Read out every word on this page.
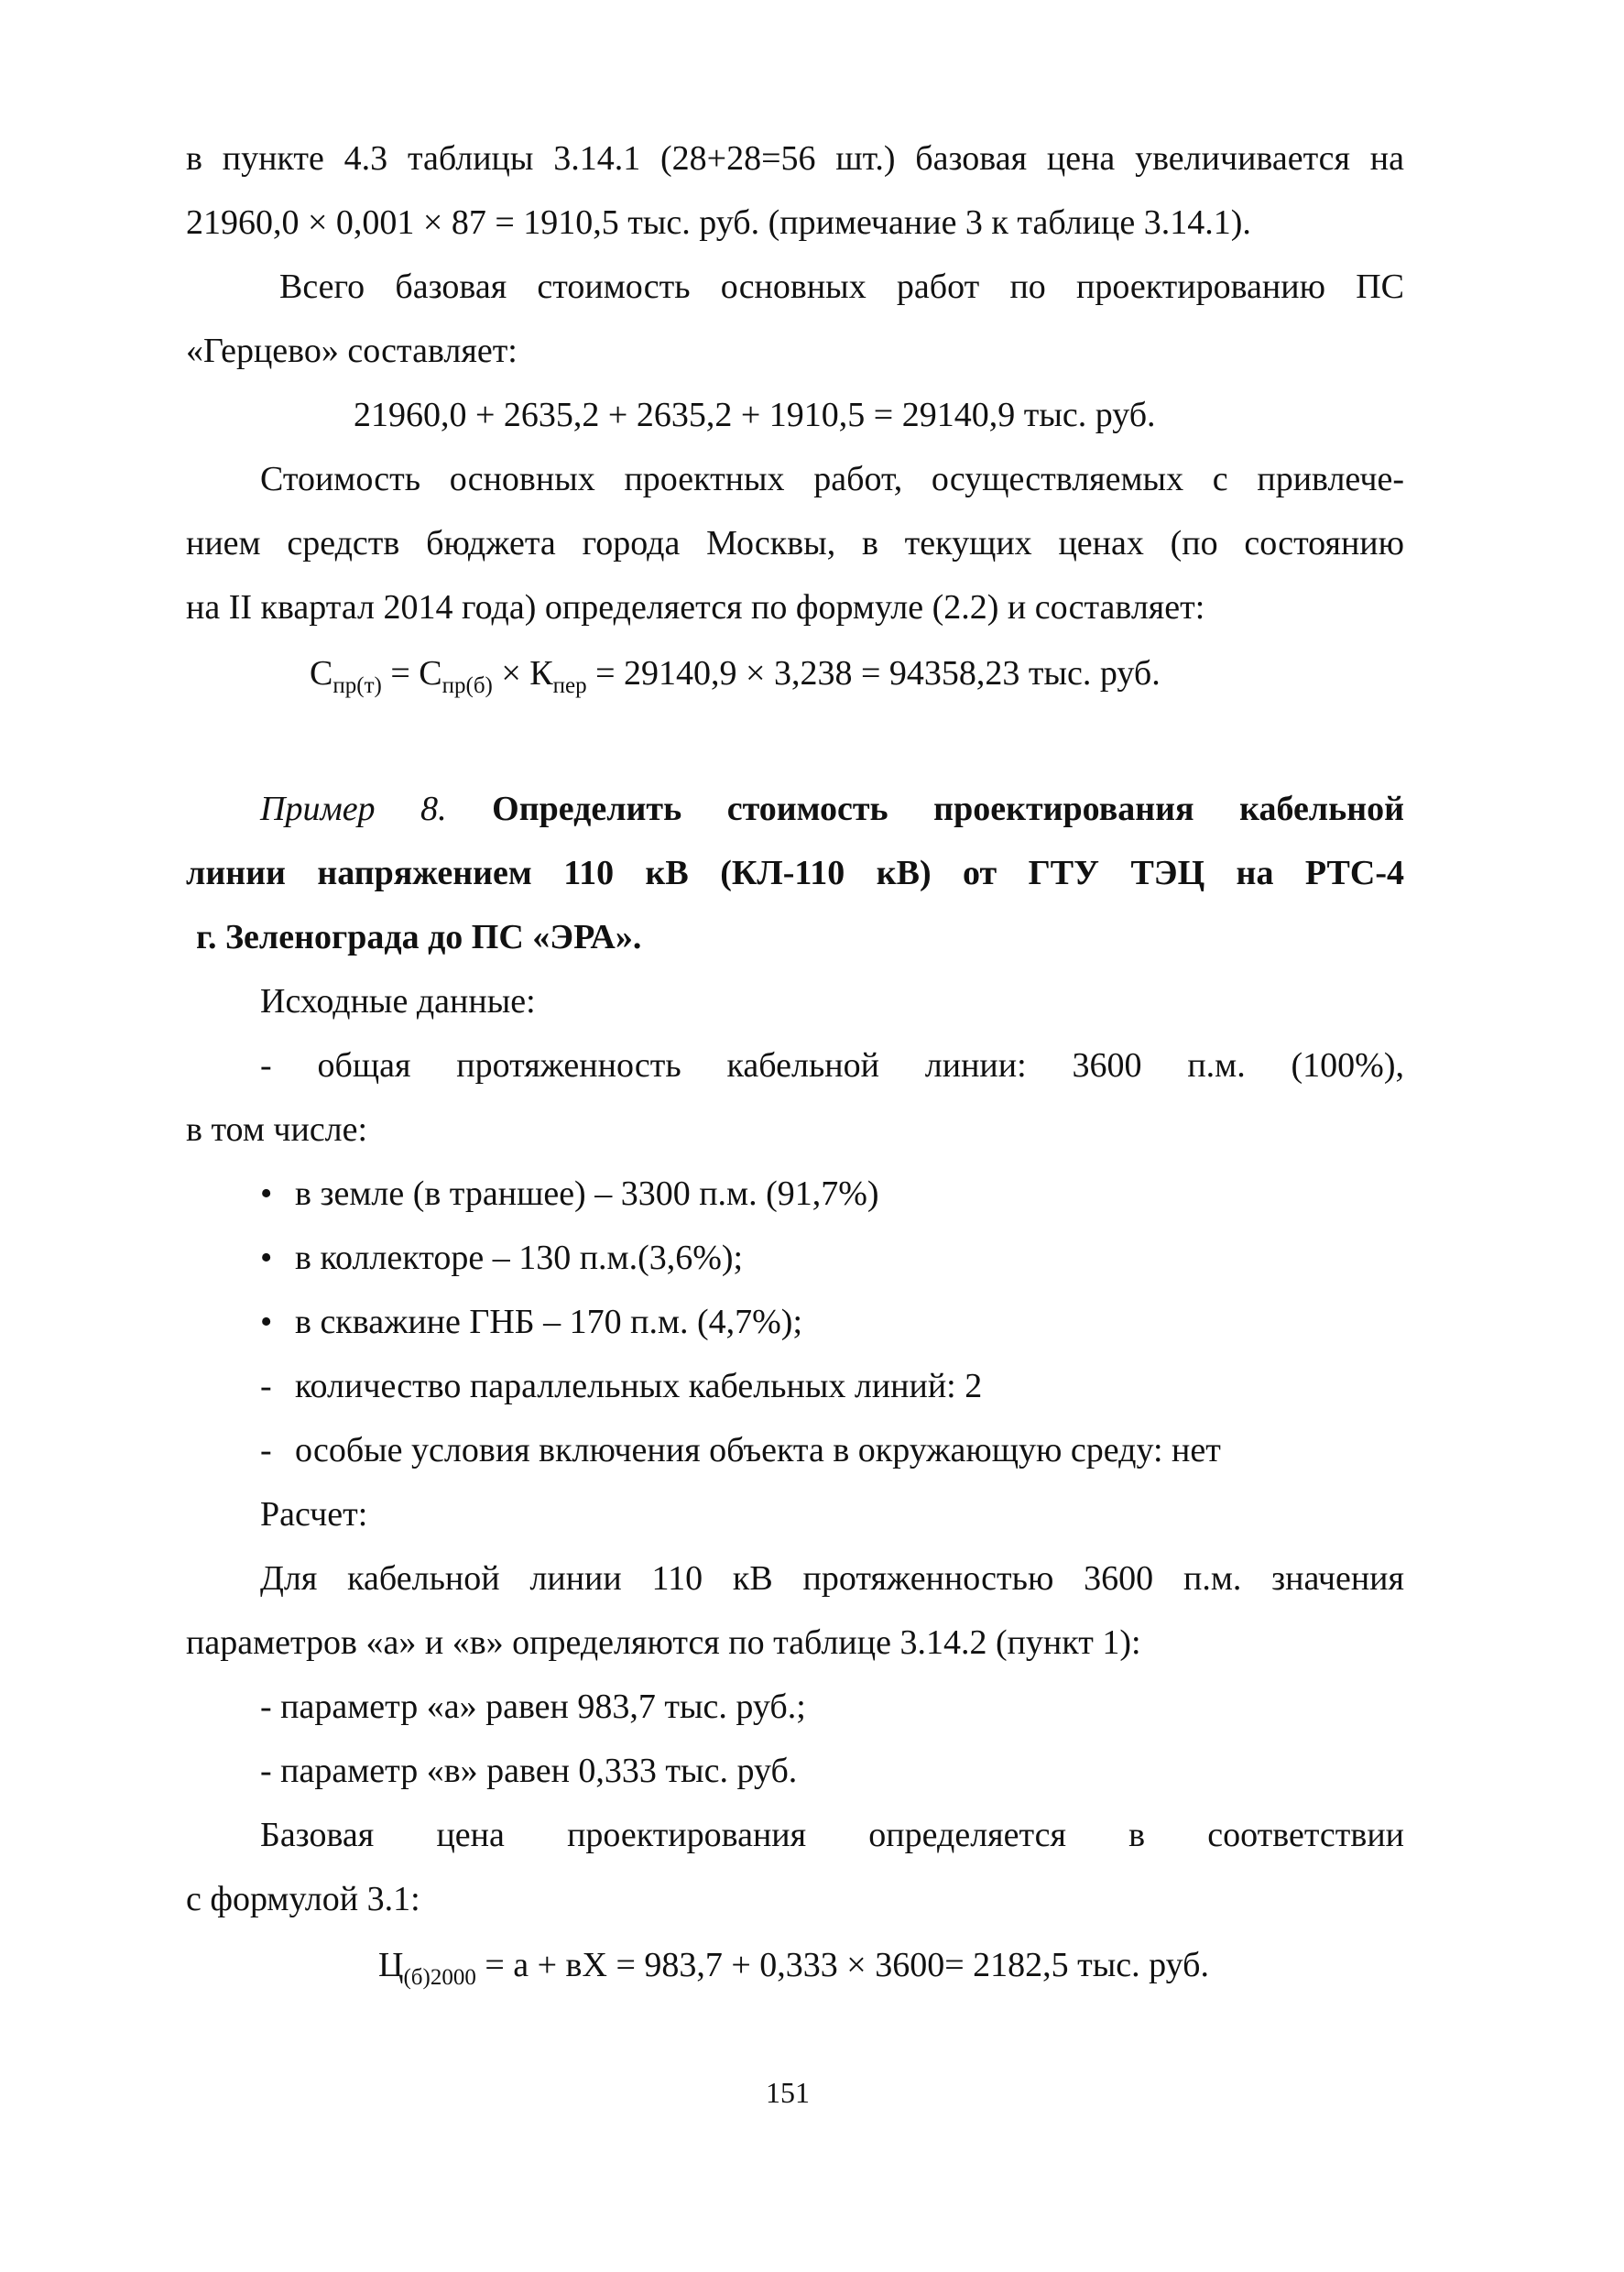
в пункте 4.3 таблицы 3.14.1 (28+28=56 шт.) базовая цена увеличивается на
21960,0 × 0,001 × 87 = 1910,5 тыс. руб. (примечание 3 к таблице 3.14.1).
Всего базовая стоимость основных работ по проектированию ПС
«Герцево» составляет:
21960,0 + 2635,2 + 2635,2 + 1910,5 = 29140,9 тыс. руб.
Стоимость основных проектных работ, осуществляемых с привлече-
нием средств бюджета города Москвы, в текущих ценах (по состоянию
на II квартал 2014 года) определяется по формуле (2.2) и составляет:
$С_{пр(т)} = С_{пр(б)} \times К_{пер} = 29140,9 \times 3,238 = 94358,23$ тыс. руб.
Пример 8. Определить стоимость проектирования кабельной
линии напряжением 110 кВ (КЛ-110 кВ) от ГТУ ТЭЦ на РТС-4
г. Зеленограда до ПС «ЭРА».
Исходные данные:
- общая протяженность кабельной линии: 3600 п.м. (100%),
в том числе:
• в земле (в траншее) – 3300 п.м. (91,7%)
• в коллекторе – 130 п.м.(3,6%);
• в скважине ГНБ – 170 п.м. (4,7%);
- количество параллельных кабельных линий: 2
- особые условия включения объекта в окружающую среду: нет
Расчет:
Для кабельной линии 110 кВ протяженностью 3600 п.м. значения
параметров «а» и «в» определяются по таблице 3.14.2 (пункт 1):
- параметр «а» равен 983,7 тыс. руб.;
- параметр «в» равен 0,333 тыс. руб.
Базовая цена проектирования определяется в соответствии
с формулой 3.1:
$Ц_{(б)2000} = а$ + вХ = 983,7 + 0,333 × 3600= 2182,5 тыс. руб.
151
